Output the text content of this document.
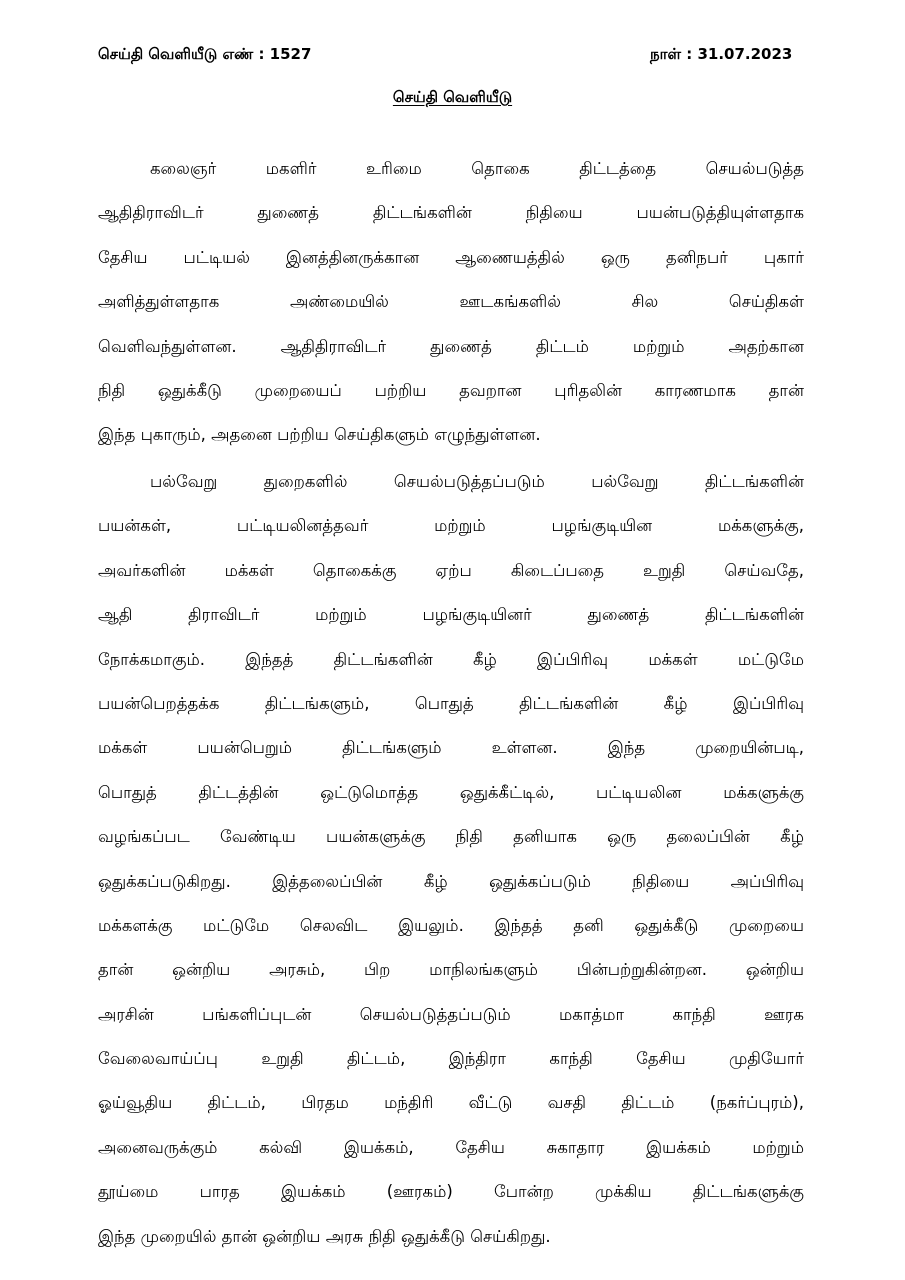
செய்தி வெளியீடு எண் : 1527	நாள் : 31.07.2023
செய்தி வெளியீடு
கலைஞர் மகளிர் உரிமை தொகை திட்டத்தை செயல்படுத்த
ஆதிதிராவிடர் துணைத் திட்டங்களின் நிதியை பயன்படுத்தியுள்ளதாக
தேசிய பட்டியல் இனத்தினருக்கான ஆணையத்தில் ஒரு தனிநபர் புகார்
அளித்துள்ளதாக அண்மையில் ஊடகங்களில் சில செய்திகள்
வெளிவந்துள்ளன. ஆதிதிராவிடர் துணைத் திட்டம் மற்றும் அதற்கான
நிதி ஒதுக்கீடு முறையைப் பற்றிய தவறான புரிதலின் காரணமாக தான்
இந்த புகாரும், அதனை பற்றிய செய்திகளும் எழுந்துள்ளன.
பல்வேறு துறைகளில் செயல்படுத்தப்படும் பல்வேறு திட்டங்களின்
பயன்கள், பட்டியலினத்தவர் மற்றும் பழங்குடியின மக்களுக்கு,
அவர்களின் மக்கள் தொகைக்கு ஏற்ப கிடைப்பதை உறுதி செய்வதே,
ஆதி திராவிடர் மற்றும் பழங்குடியினர் துணைத் திட்டங்களின்
நோக்கமாகும். இந்தத் திட்டங்களின் கீழ் இப்பிரிவு மக்கள் மட்டுமே
பயன்பெறத்தக்க திட்டங்களும், பொதுத் திட்டங்களின் கீழ் இப்பிரிவு
மக்கள் பயன்பெறும் திட்டங்களும் உள்ளன. இந்த முறையின்படி,
பொதுத் திட்டத்தின் ஒட்டுமொத்த ஒதுக்கீட்டில், பட்டியலின மக்களுக்கு
வழங்கப்பட வேண்டிய பயன்களுக்கு நிதி தனியாக ஒரு தலைப்பின் கீழ்
ஒதுக்கப்படுகிறது. இத்தலைப்பின் கீழ் ஒதுக்கப்படும் நிதியை அப்பிரிவு
மக்களக்கு மட்டுமே செலவிட இயலும். இந்தத் தனி ஒதுக்கீடு முறையை
தான் ஒன்றிய அரசும், பிற மாநிலங்களும் பின்பற்றுகின்றன. ஒன்றிய
அரசின் பங்களிப்புடன் செயல்படுத்தப்படும் மகாத்மா காந்தி ஊரக
வேலைவாய்ப்பு உறுதி திட்டம், இந்திரா காந்தி தேசிய முதியோர்
ஓய்வூதிய திட்டம், பிரதம மந்திரி வீட்டு வசதி திட்டம் (நகர்ப்புரம்),
அனைவருக்கும் கல்வி இயக்கம், தேசிய சுகாதார இயக்கம் மற்றும்
தூய்மை பாரத இயக்கம் (ஊரகம்) போன்ற முக்கிய திட்டங்களுக்கு
இந்த முறையில் தான் ஒன்றிய அரசு நிதி ஒதுக்கீடு செய்கிறது.
